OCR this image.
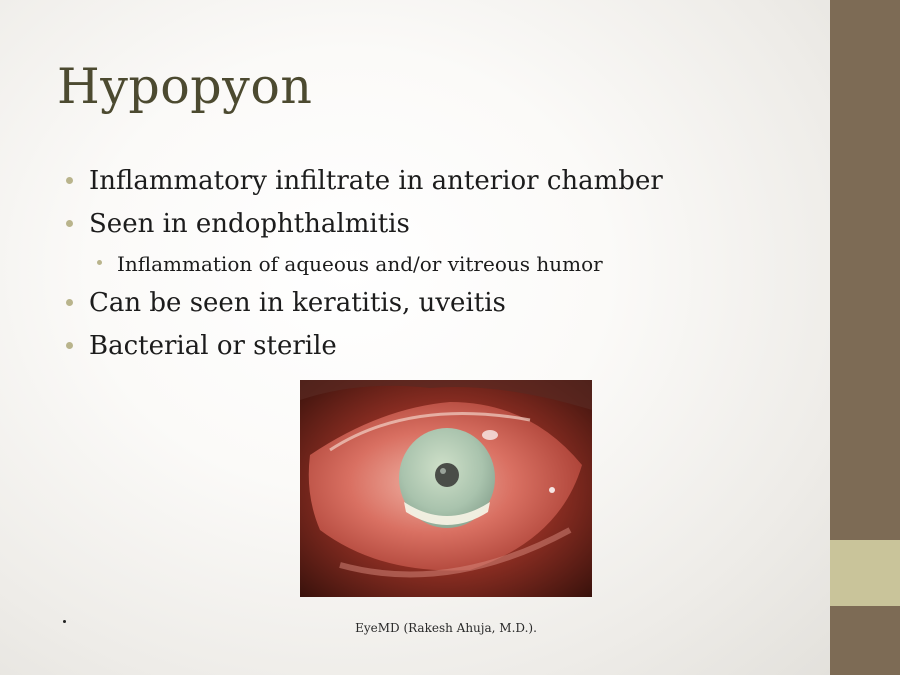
Hypopyon
Inflammatory infiltrate in anterior chamber
Seen in endophthalmitis
Inflammation of aqueous and/or vitreous humor
Can be seen in keratitis, uveitis
Bacterial or sterile
EyeMD (Rakesh Ahuja, M.D.).
